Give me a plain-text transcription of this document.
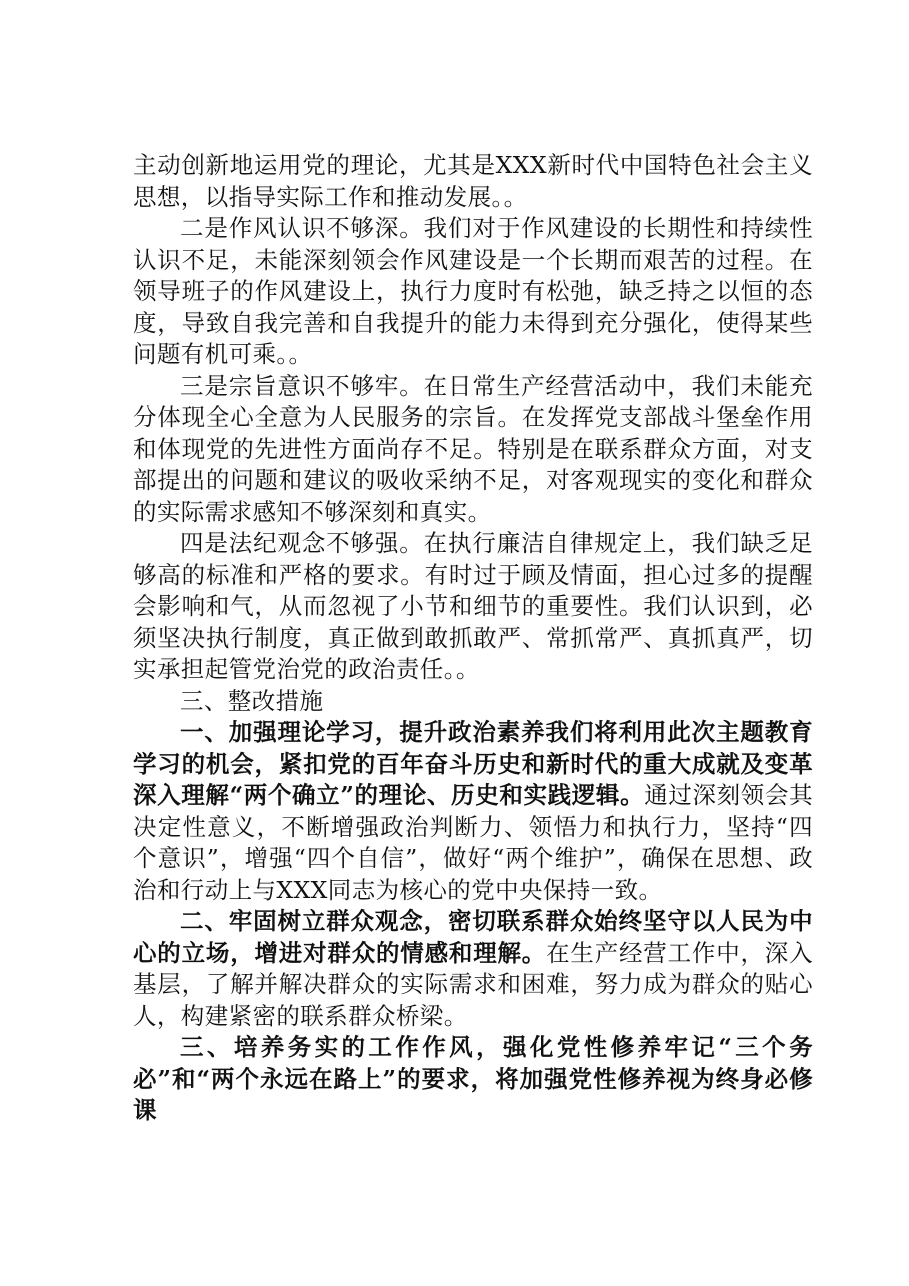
主动创新地运用党的理论，尤其是XXX新时代中国特色社会主义思想，以指导实际工作和推动发展。。

二是作风认识不够深。我们对于作风建设的长期性和持续性认识不足，未能深刻领会作风建设是一个长期而艰苦的过程。在领导班子的作风建设上，执行力度时有松弛，缺乏持之以恒的态度，导致自我完善和自我提升的能力未得到充分强化，使得某些问题有机可乘。。

三是宗旨意识不够牢。在日常生产经营活动中，我们未能充分体现全心全意为人民服务的宗旨。在发挥党支部战斗堡垒作用和体现党的先进性方面尚存不足。特别是在联系群众方面，对支部提出的问题和建议的吸收采纳不足，对客观现实的变化和群众的实际需求感知不够深刻和真实。

四是法纪观念不够强。在执行廉洁自律规定上，我们缺乏足够高的标准和严格的要求。有时过于顾及情面，担心过多的提醒会影响和气，从而忽视了小节和细节的重要性。我们认识到，必须坚决执行制度，真正做到敢抓敢严、常抓常严、真抓真严，切实承担起管党治党的政治责任。。

三、整改措施

一、加强理论学习，提升政治素养我们将利用此次主题教育学习的机会，紧扣党的百年奋斗历史和新时代的重大成就及变革深入理解“两个确立”的理论、历史和实践逻辑。通过深刻领会其决定性意义，不断增强政治判断力、领悟力和执行力，坚持“四个意识”，增强“四个自信”，做好“两个维护”，确保在思想、政治和行动上与XXX同志为核心的党中央保持一致。

二、牢固树立群众观念，密切联系群众始终坚守以人民为中心的立场，增进对群众的情感和理解。在生产经营工作中，深入基层，了解并解决群众的实际需求和困难，努力成为群众的贴心人，构建紧密的联系群众桥梁。

三、培养务实的工作作风，强化党性修养牢记“三个务必”和“两个永远在路上”的要求，将加强党性修养视为终身必修课
